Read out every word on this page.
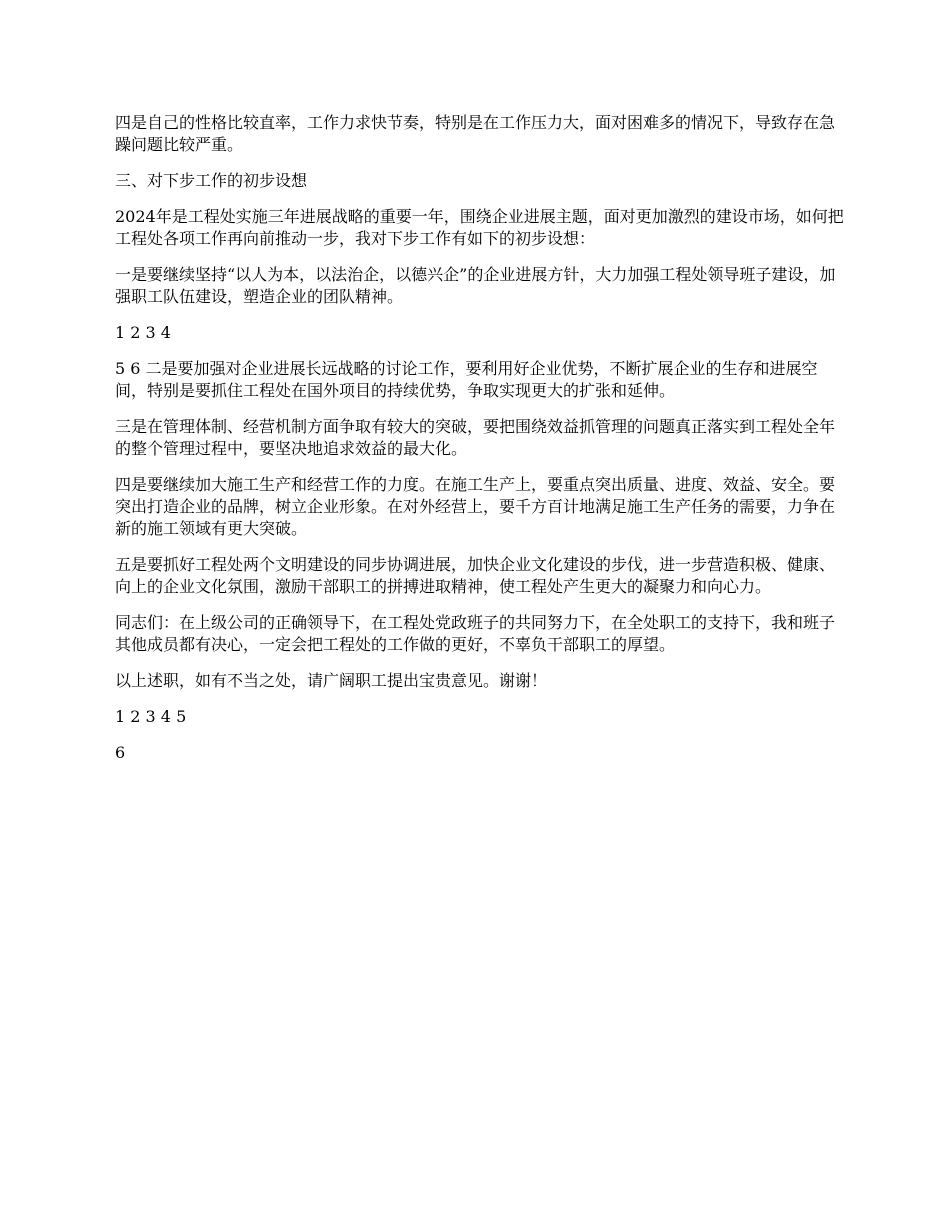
四是自己的性格比较直率，工作力求快节奏，特别是在工作压力大，面对困难多的情况下，导致存在急躁问题比较严重。

三、对下步工作的初步设想

2024年是工程处实施三年进展战略的重要一年，围绕企业进展主题，面对更加激烈的建设市场，如何把工程处各项工作再向前推动一步，我对下步工作有如下的初步设想：

一是要继续坚持“以人为本，以法治企，以德兴企”的企业进展方针，大力加强工程处领导班子建设，加强职工队伍建设，塑造企业的团队精神。

1 2 3 4

5 6 二是要加强对企业进展长远战略的讨论工作，要利用好企业优势，不断扩展企业的生存和进展空间，特别是要抓住工程处在国外项目的持续优势，争取实现更大的扩张和延伸。

三是在管理体制、经营机制方面争取有较大的突破，要把围绕效益抓管理的问题真正落实到工程处全年的整个管理过程中，要坚决地追求效益的最大化。

四是要继续加大施工生产和经营工作的力度。在施工生产上，要重点突出质量、进度、效益、安全。要突出打造企业的品牌，树立企业形象。在对外经营上，要千方百计地满足施工生产任务的需要，力争在新的施工领域有更大突破。

五是要抓好工程处两个文明建设的同步协调进展，加快企业文化建设的步伐，进一步营造积极、健康、向上的企业文化氛围，激励干部职工的拼搏进取精神，使工程处产生更大的凝聚力和向心力。

同志们：在上级公司的正确领导下，在工程处党政班子的共同努力下，在全处职工的支持下，我和班子其他成员都有决心，一定会把工程处的工作做的更好，不辜负干部职工的厚望。

以上述职，如有不当之处，请广阔职工提出宝贵意见。谢谢！

1 2 3 4 5

6
